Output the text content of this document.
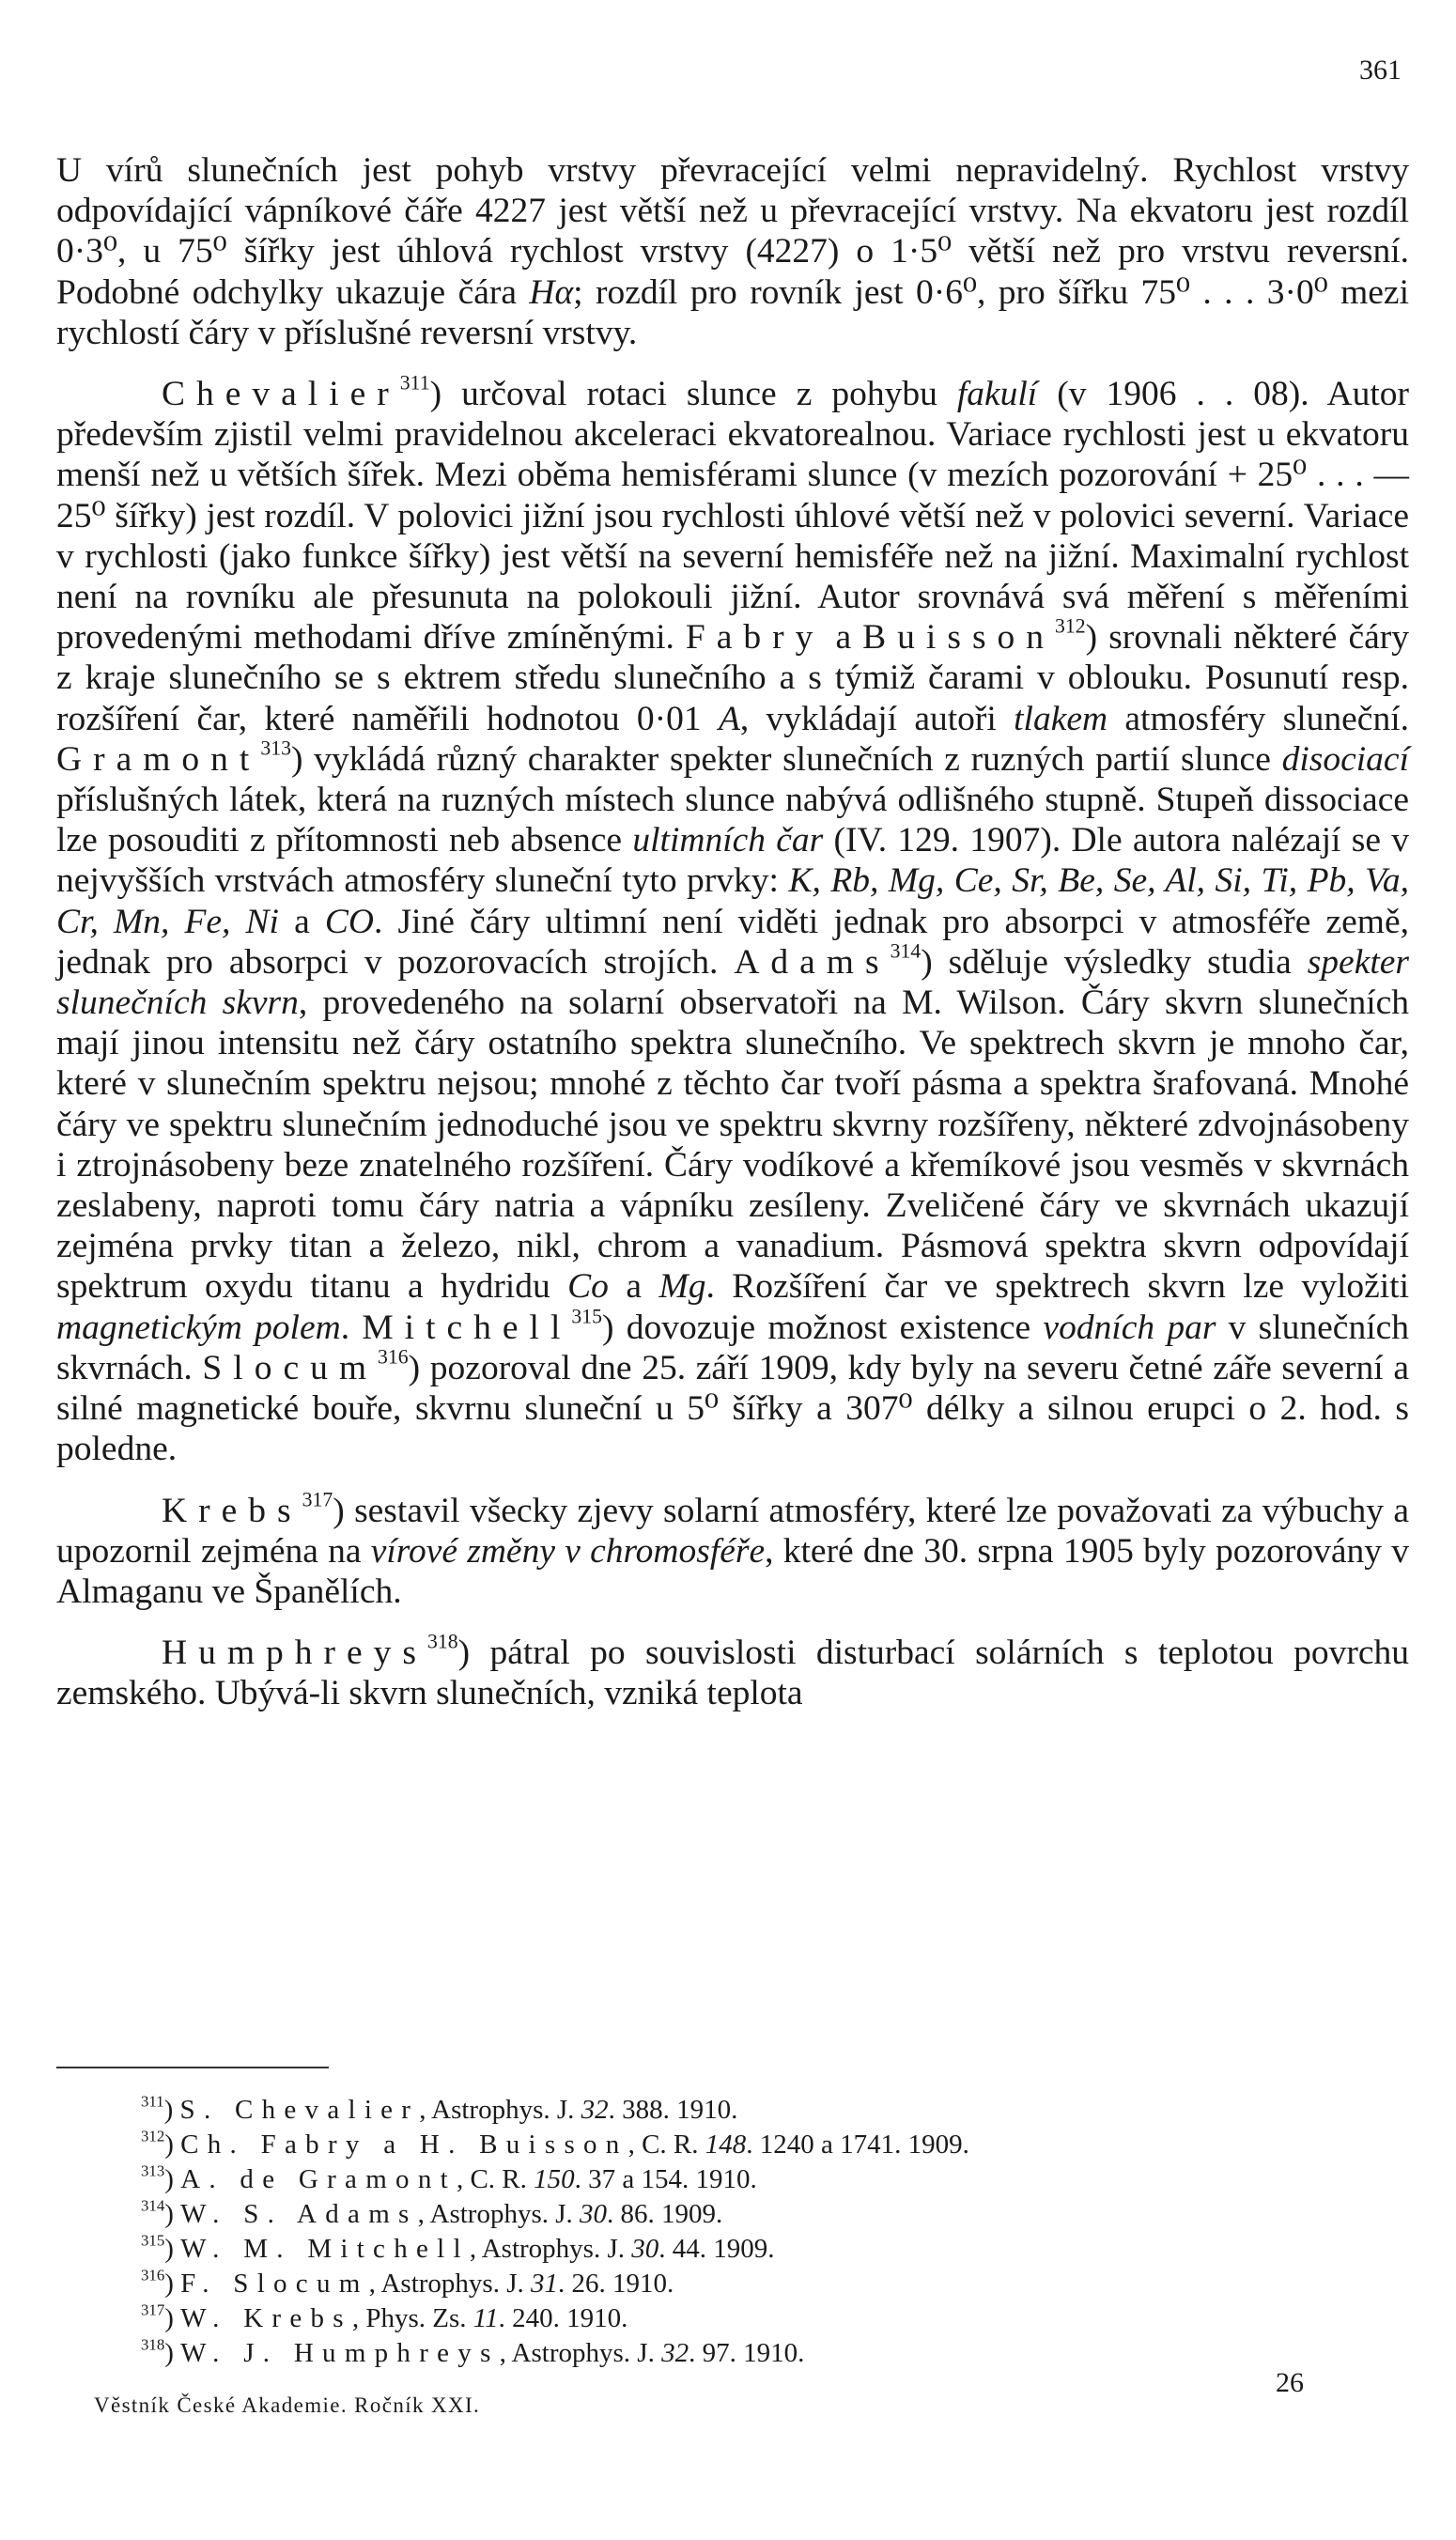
361

U vírů slunečních jest pohyb vrstvy převracející velmi nepravidelný. Rychlost vrstvy odpovídající vápníkové čáře 4227 jest větší než u převracející vrstvy. Na ekvatoru jest rozdíl 0·3⁰, u 75⁰ šířky jest úhlová rychlost vrstvy (4227) o 1·5⁰ větší než pro vrstvu reversní. Podobné odchylky ukazuje čára Hα; rozdíl pro rovník jest 0·6⁰, pro šířku 75⁰ . . . 3·0⁰ mezi rychlostí čáry v příslušné reversní vrstvy.

Chevalier$^{311}$) určoval rotaci slunce z pohybu fakulí (v 1906 . . 08). Autor především zjistil velmi pravidelnou akceleraci ekvatorealnou. Variace rychlosti jest u ekvatoru menší než u větších šířek. Mezi oběma hemisférami slunce (v mezích pozorování + 25⁰ . . . — 25⁰ šířky) jest rozdíl. V polovici jižní jsou rychlosti úhlové větší než v polovici severní. Variace v rychlosti (jako funkce šířky) jest větší na severní hemisféře než na jižní. Maximalní rychlost není na rovníku ale přesunuta na polokouli jižní. Autor srovnává svá měření s měřeními provedenými methodami dříve zmíněnými. Fabry a Buisson$^{312}$) srovnali některé čáry z kraje slunečního se s ektrem středu slunečního a s týmiž čarami v oblouku. Posunutí resp. rozšíření čar, které naměřili hodnotou 0·01 A, vykládají autoři tlakem atmosféry sluneční. Gramont$^{313}$) vykládá různý charakter spekter slunečních z ruzných partií slunce disociací příslušných látek, která na ruzných místech slunce nabývá odlišného stupně. Stupeň dissociace lze posouditi z přítomnosti neb absence ultimních čar (IV. 129. 1907). Dle autora nalézají se v nejvyšších vrstvách atmosféry sluneční tyto prvky: K, Rb, Mg, Ce, Sr, Be, Se, Al, Si, Ti, Pb, Va, Cr, Mn, Fe, Ni a CO. Jiné čáry ultimní není viděti jednak pro absorpci v atmosféře země, jednak pro absorpci v pozorovacích strojích. Adams$^{314}$) sděluje výsledky studia spekter slunečních skvrn, provedeného na solarní observatoři na M. Wilson. Čáry skvrn slunečních mají jinou intensitu než čáry ostatního spektra slunečního. Ve spektrech skvrn je mnoho čar, které v slunečním spektru nejsou; mnohé z těchto čar tvoří pásma a spektra šrafovaná. Mnohé čáry ve spektru slunečním jednoduché jsou ve spektru skvrny rozšířeny, některé zdvojnásobeny i ztrojnásobeny beze znatelného rozšíření. Čáry vodíkové a křemíkové jsou vesměs v skvrnách zeslabeny, naproti tomu čáry natria a vápníku zesíleny. Zveličené čáry ve skvrnách ukazují zejména prvky titan a železo, nikl, chrom a vanadium. Pásmová spektra skvrn odpovídají spektrum oxydu titanu a hydridu Co a Mg. Rozšíření čar ve spektrech skvrn lze vyložiti magnetickým polem. Mitchell$^{315}$) dovozuje možnost existence vodních par v slunečních skvrnách. Slocum$^{316}$) pozoroval dne 25. září 1909, kdy byly na severu četné záře severní a silné magnetické bouře, skvrnu sluneční u 5⁰ šířky a 307⁰ délky a silnou erupci o 2. hod. s poledne.

Krebs$^{317}$) sestavil všecky zjevy solarní atmosféry, které lze považovati za výbuchy a upozornil zejména na vírové změny v chromosféře, které dne 30. srpna 1905 byly pozorovány v Almaganu ve Španělích.

Humphreys$^{318}$) pátral po souvislosti disturbací solárních s teplotou povrchu zemského. Ubývá-li skvrn slunečních, vzniká teplota

$^{311}$) S. Chevalier, Astrophys. J. 32. 388. 1910.
$^{312}$) Ch. Fabry a H. Buisson, C. R. 148. 1240 a 1741. 1909.
$^{313}$) A. de Gramont, C. R. 150. 37 a 154. 1910.
$^{314}$) W. S. Adams, Astrophys. J. 30. 86. 1909.
$^{315}$) W. M. Mitchell, Astrophys. J. 30. 44. 1909.
$^{316}$) F. Slocum, Astrophys. J. 31. 26. 1910.
$^{317}$) W. Krebs, Phys. Zs. 11. 240. 1910.
$^{318}$) W. J. Humphreys, Astrophys. J. 32. 97. 1910.
Věstník České Akademie. Ročník XXI.
26
